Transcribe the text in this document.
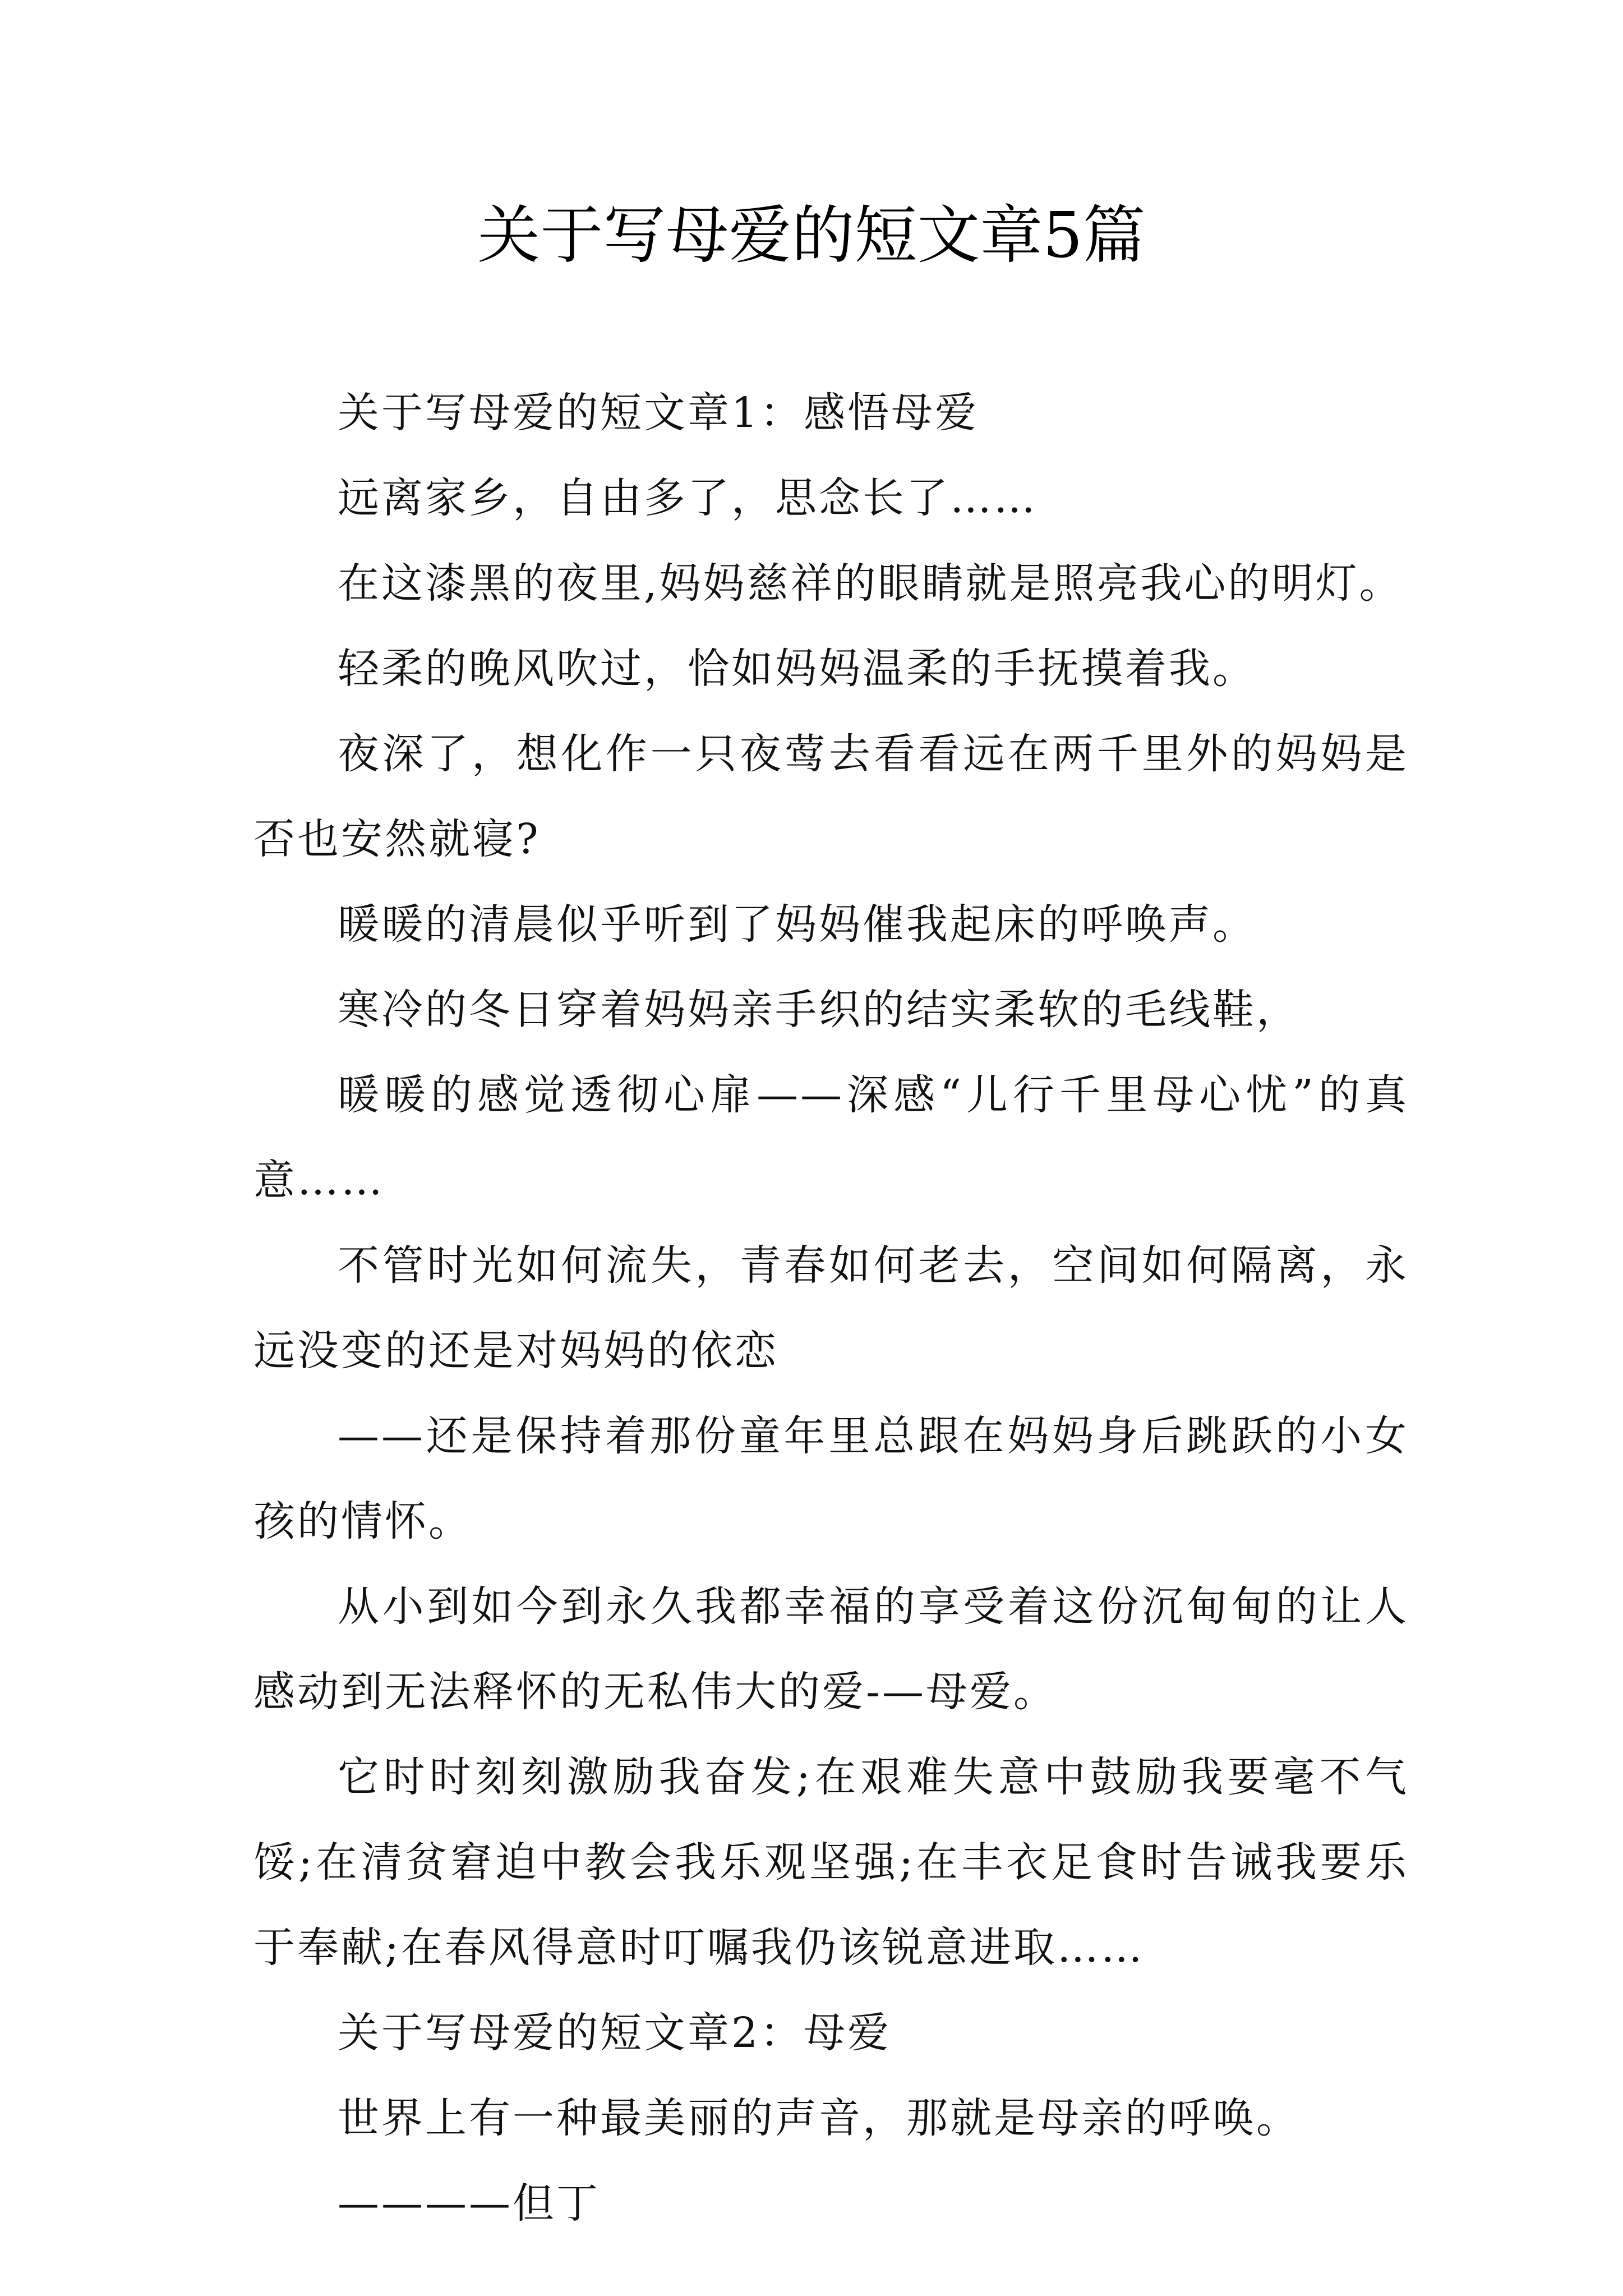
关于写母爱的短文章5篇

关于写母爱的短文章1：感悟母爱

远离家乡，自由多了，思念长了……

在这漆黑的夜里,妈妈慈祥的眼睛就是照亮我心的明灯。

轻柔的晚风吹过，恰如妈妈温柔的手抚摸着我。

夜深了，想化作一只夜莺去看看远在两千里外的妈妈是否也安然就寝?

暖暖的清晨似乎听到了妈妈催我起床的呼唤声。

寒冷的冬日穿着妈妈亲手织的结实柔软的毛线鞋，

暖暖的感觉透彻心扉——深感“儿行千里母心忧”的真意……

不管时光如何流失，青春如何老去，空间如何隔离，永远没变的还是对妈妈的依恋

——还是保持着那份童年里总跟在妈妈身后跳跃的小女孩的情怀。

从小到如今到永久我都幸福的享受着这份沉甸甸的让人感动到无法释怀的无私伟大的爱-—母爱。

它时时刻刻激励我奋发;在艰难失意中鼓励我要毫不气馁;在清贫窘迫中教会我乐观坚强;在丰衣足食时告诫我要乐于奉献;在春风得意时叮嘱我仍该锐意进取……

关于写母爱的短文章2：母爱

世界上有一种最美丽的声音，那就是母亲的呼唤。

————但丁
